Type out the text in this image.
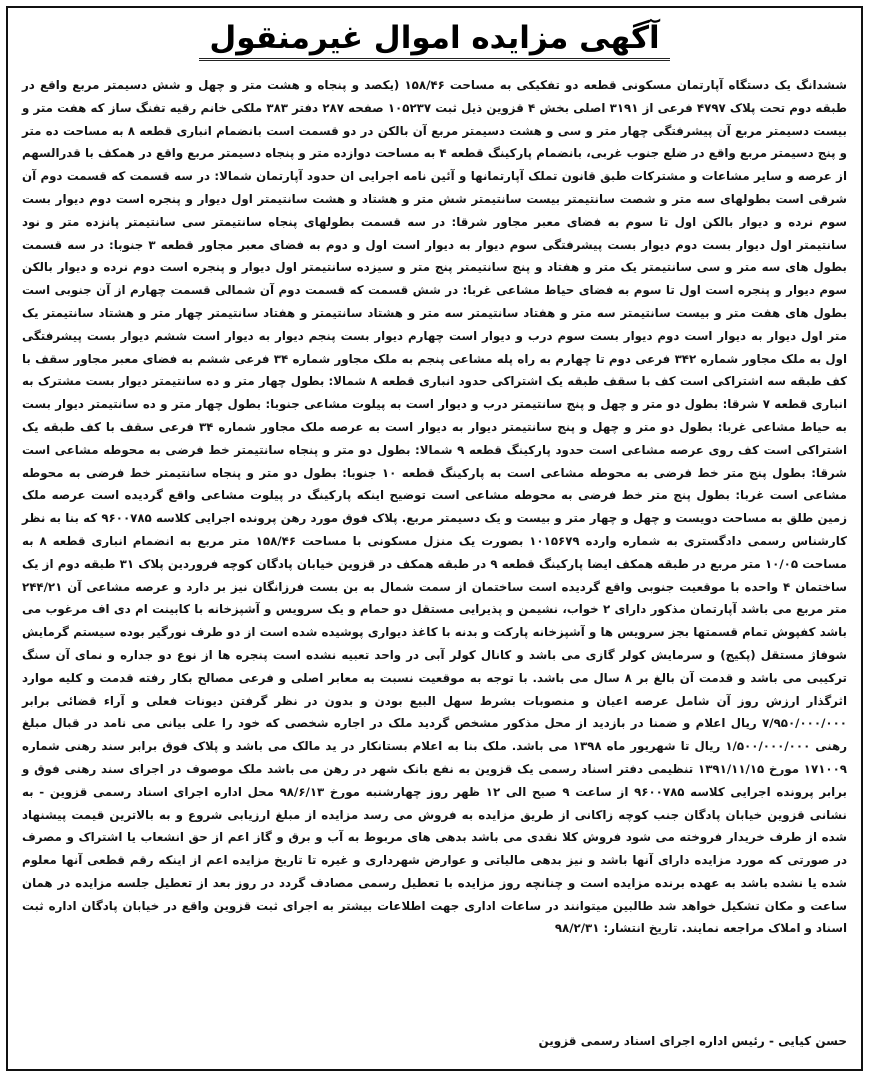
آگهی مزایده اموال غیرمنقول

ششدانگ یک دستگاه آپارتمان مسکونی قطعه دو تفکیکی به مساحت ۱۵۸/۴۶ (یکصد و پنجاه و هشت متر و چهل و شش دسیمتر مربع واقع در طبقه دوم تحت پلاک ۴۷۹۷ فرعی از ۳۱۹۱ اصلی بخش ۴ قزوین ذیل ثبت ۱۰۵۲۳۷ صفحه ۲۸۷ دفتر ۳۸۳ ملکی خانم رقیه تفنگ ساز که هفت متر و بیست دسیمتر مربع آن پیشرفتگی چهار متر و سی و هشت دسیمتر مربع آن بالکن در دو قسمت است بانضمام انباری قطعه ۸ به مساحت ده متر و پنج دسیمتر مربع واقع در ضلع جنوب غربی، بانضمام پارکینگ قطعه ۴ به مساحت دوازده متر و پنجاه دسیمتر مربع واقع در همکف با قدرالسهم از عرصه و سایر مشاعات و مشترکات طبق قانون تملک آپارتمانها و آئین نامه اجرایی ان حدود آپارتمان شمالا: در سه قسمت که قسمت دوم آن شرقی است بطولهای سه متر و شصت سانتیمتر بیست سانتیمتر شش متر و هشتاد و هشت سانتیمتر اول دیوار و پنجره است دوم دیوار بست سوم نرده و دیوار بالکن اول تا سوم به فضای معبر مجاور شرقا: در سه قسمت بطولهای پنجاه سانتیمتر سی سانتیمتر پانزده متر و نود سانتیمتر اول دیوار بست دوم دیوار بست پیشرفتگی سوم دیوار به دیوار است اول و دوم به فضای معبر مجاور قطعه ۳ جنوبا: در سه قسمت بطول های سه متر و سی سانتیمتر یک متر و هفتاد و پنج سانتیمتر پنج متر و سیزده سانتیمتر اول دیوار و پنجره است دوم نرده و دیوار بالکن سوم دیوار و پنجره است اول تا سوم به فضای حیاط مشاعی غربا: در شش قسمت که قسمت دوم آن شمالی قسمت چهارم از آن جنوبی است بطول های هفت متر و بیست سانتیمتر سه متر و هفتاد سانتیمتر سه متر و هشتاد سانتیمتر و هفتاد سانتیمتر چهار متر و هشتاد سانتیمتر یک متر اول دیوار به دیوار است دوم دیوار بست سوم درب و دیوار است چهارم دیوار بست پنجم دیوار به دیوار است ششم دیوار بست پیشرفتگی اول به ملک مجاور شماره ۳۴۲ فرعی دوم تا چهارم به راه پله مشاعی پنجم به ملک مجاور شماره ۳۴ فرعی ششم به فضای معبر مجاور سقف با کف طبقه سه اشتراکی است کف با سقف طبقه یک اشتراکی حدود انباری قطعه ۸ شمالا: بطول چهار متر و ده سانتیمتر دیوار بست مشترک به انباری قطعه ۷ شرقا: بطول دو متر و چهل و پنج سانتیمتر درب و دیوار است به پیلوت مشاعی جنوبا: بطول چهار متر و ده سانتیمتر دیوار بست به حیاط مشاعی غربا: بطول دو متر و چهل و پنج سانتیمتر دیوار به دیوار است به عرصه ملک مجاور شماره ۳۴ فرعی سقف با کف طبقه یک اشتراکی است کف روی عرصه مشاعی است حدود پارکینگ قطعه ۹ شمالا: بطول دو متر و پنجاه سانتیمتر خط فرضی به محوطه مشاعی است شرقا: بطول پنج متر خط فرضی به محوطه مشاعی است به پارکینگ قطعه ۱۰ جنوبا: بطول دو متر و پنجاه سانتیمتر خط فرضی به محوطه مشاعی است غربا: بطول پنج متر خط فرضی به محوطه مشاعی است توضیح اینکه پارکینگ در پیلوت مشاعی واقع گردیده است عرصه ملک زمین طلق به مساحت دویست و چهل و چهار متر و بیست و یک دسیمتر مربع. پلاک فوق مورد رهن پرونده اجرایی کلاسه ۹۶۰۰۷۸۵ که بنا به نظر کارشناس رسمی دادگستری به شماره وارده ۱۰۱۵۶۷۹ بصورت یک منزل مسکونی با مساحت ۱۵۸/۴۶ متر مربع به انضمام انباری قطعه ۸ به مساحت ۱۰/۰۵ متر مربع در طبقه همکف ایضا پارکینگ قطعه ۹ در طبقه همکف در قزوین خیابان پادگان کوچه فروردین پلاک ۳۱ طبقه دوم از یک ساختمان ۴ واحده با موقعیت جنوبی واقع گردیده است ساختمان از سمت شمال به بن بست فرزانگان نیز بر دارد و عرصه مشاعی آن ۲۴۴/۲۱ متر مربع می باشد آپارتمان مذکور دارای ۲ خواب، نشیمن و پذیرایی مستقل دو حمام و یک سرویس و آشپزخانه با کابینت ام دی اف مرغوب می باشد کفپوش تمام قسمتها بجز سرویس ها و آشپزخانه پارکت و بدنه با کاغذ دیواری پوشیده شده است از دو طرف نورگیر بوده سیستم گرمایش شوفاژ مستقل (پکیج) و سرمایش کولر گازی می باشد و کانال کولر آبی در واحد تعبیه نشده است پنجره ها از نوع دو جداره و نمای آن سنگ ترکیبی می باشد و قدمت آن بالغ بر ۸ سال می باشد. با توجه به موقعیت نسبت به معابر اصلی و فرعی مصالح بکار رفته قدمت و کلیه موارد اثرگذار ارزش روز آن شامل عرصه اعیان و منصوبات بشرط سهل البیع بودن و بدون در نظر گرفتن دیونات فعلی و آراء قضائی برابر ۷/۹۵۰/۰۰۰/۰۰۰ ریال اعلام و ضمنا در بازدید از محل مذکور مشخص گردید ملک در اجاره شخصی که خود را علی بیانی می نامد در قبال مبلغ رهنی ۱/۵۰۰/۰۰۰/۰۰۰ ریال تا شهریور ماه ۱۳۹۸ می باشد. ملک بنا به اعلام بستانکار در ید مالک می باشد و پلاک فوق برابر سند رهنی شماره ۱۷۱۰۰۹ مورخ ۱۳۹۱/۱۱/۱۵ تنظیمی دفتر اسناد رسمی یک قزوین به نفع بانک شهر در رهن می باشد ملک موصوف در اجرای سند رهنی فوق و برابر پرونده اجرایی کلاسه ۹۶۰۰۷۸۵ از ساعت ۹ صبح الی ۱۲ ظهر روز چهارشنبه مورخ ۹۸/۶/۱۳ محل اداره اجرای اسناد رسمی قزوین - به نشانی قزوین خیابان پادگان جنب کوچه زاکانی از طریق مزایده به فروش می رسد مزایده از مبلغ ارزیابی شروع و به بالاترین قیمت پیشنهاد شده از طرف خریدار فروخته می شود فروش کلا نقدی می باشد بدهی های مربوط به آب و برق و گاز اعم از حق انشعاب یا اشتراک و مصرف در صورتی که مورد مزایده دارای آنها باشد و نیز بدهی مالیاتی و عوارض شهرداری و غیره تا تاریخ مزایده اعم از اینکه رقم قطعی آنها معلوم شده یا نشده باشد به عهده برنده مزایده است و چنانچه روز مزایده با تعطیل رسمی مصادف گردد در روز بعد از تعطیل جلسه مزایده در همان ساعت و مکان تشکیل خواهد شد طالبین میتوانند در ساعات اداری جهت اطلاعات بیشتر به اجرای ثبت قزوین واقع در خیابان پادگان اداره ثبت اسناد و املاک مراجعه نمایند. تاریخ انتشار: ۹۸/۲/۳۱

حسن کیایی - رئیس اداره اجرای اسناد رسمی قزوین
